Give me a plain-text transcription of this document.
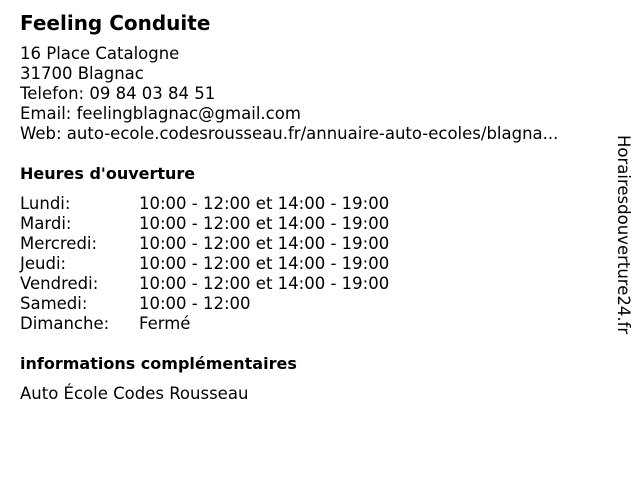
Feeling Conduite
16 Place Catalogne
31700 Blagnac
Telefon: 09 84 03 84 51
Email: feelingblagnac@gmail.com
Web: auto-ecole.codesrousseau.fr/annuaire-auto-ecoles/blagna...
Heures d'ouverture
Lundi:	10:00 - 12:00 et 14:00 - 19:00
Mardi:	10:00 - 12:00 et 14:00 - 19:00
Mercredi:	10:00 - 12:00 et 14:00 - 19:00
Jeudi:	10:00 - 12:00 et 14:00 - 19:00
Vendredi: 10:00 - 12:00 et 14:00 - 19:00
Samedi:	10:00 - 12:00
Dimanche: Fermé
informations complémentaires
Auto École Codes Rousseau
Horairesdouverture24.fr
